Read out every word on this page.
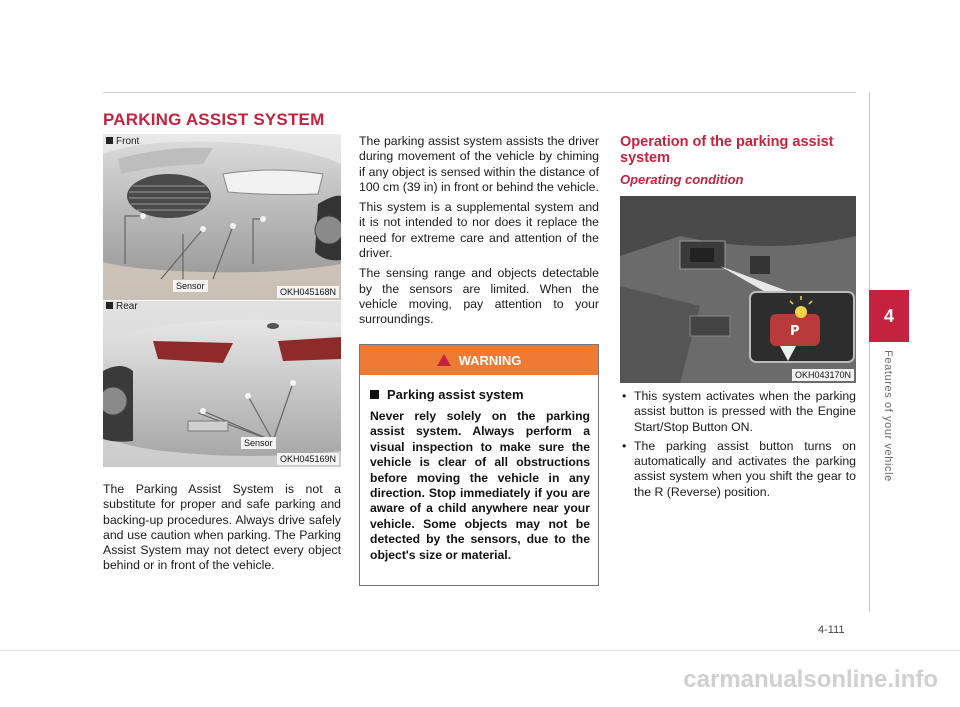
PARKING ASSIST SYSTEM
4
Features of your vehicle
Front
Sensor
OKH045168N
Rear
Sensor
OKH045169N

The Parking Assist System is not a substitute for proper and safe parking and backing-up procedures. Always drive safely and use caution when parking. The Parking Assist System may not detect every object behind or in front of the vehicle.

The parking assist system assists the driver during movement of the vehicle by chiming if any object is sensed within the distance of 100 cm (39 in) in front or behind the vehicle.

This system is a supplemental system and it is not intended to nor does it replace the need for extreme care and attention of the driver.

The sensing range and objects detectable by the sensors are limited. When the vehicle moving, pay attention to your surroundings.

WARNING
Parking assist system
Never rely solely on the parking assist system. Always perform a visual inspection to make sure the vehicle is clear of all obstructions before moving the vehicle in any direction. Stop immediately if you are aware of a child anywhere near your vehicle. Some objects may not be detected by the sensors, due to the object's size or material.
Operation of the parking assist system
Operating condition
P
OKH043170N
• This system activates when the parking assist button is pressed with the Engine Start/Stop Button ON.
• The parking assist button turns on automatically and activates the parking assist system when you shift the gear to the R (Reverse) position.
4-111
carmanualsonline.info
